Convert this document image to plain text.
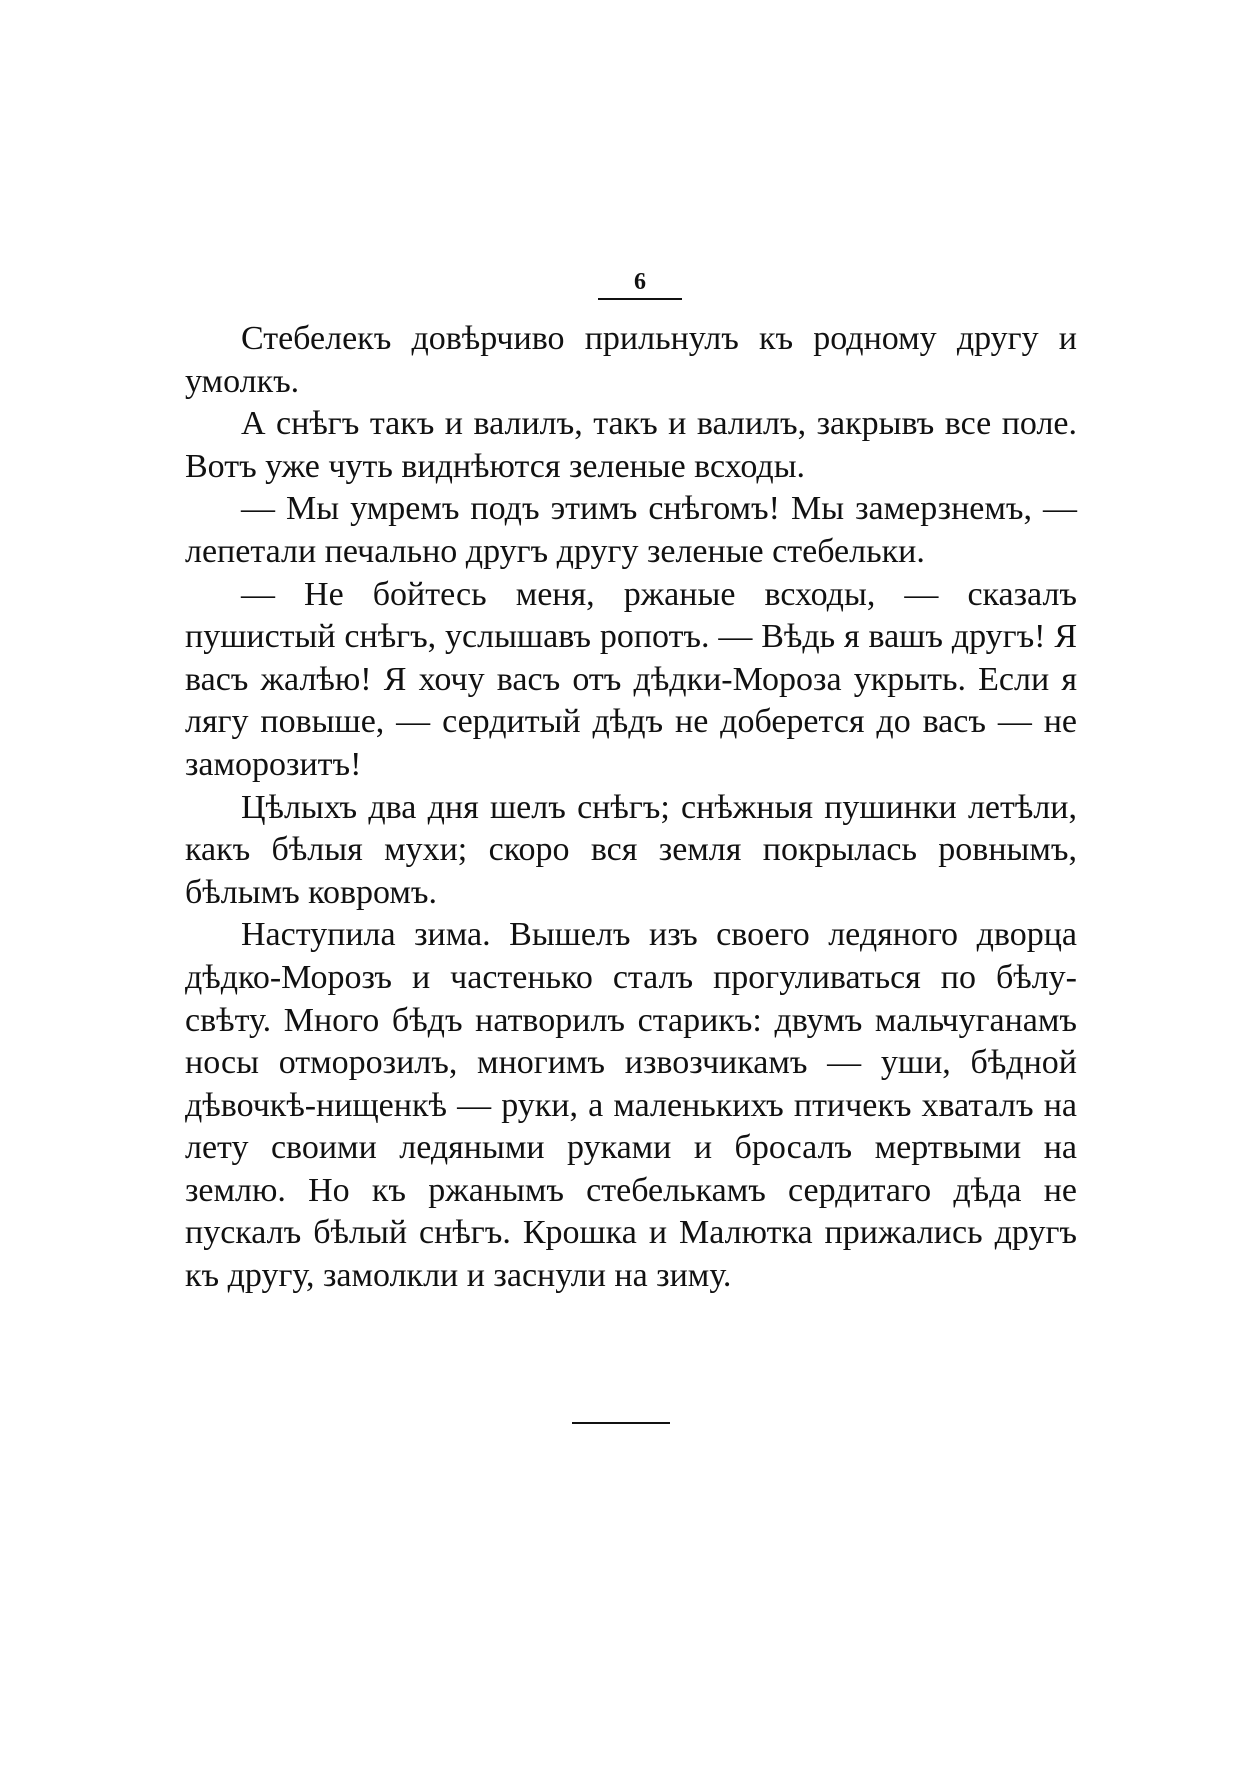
6

Стебелекъ довѣрчиво прильнулъ къ родному другу и умолкъ.

А снѣгъ такъ и валилъ, такъ и валилъ, закрывъ все поле. Вотъ уже чуть виднѣются зеленые всходы.

— Мы умремъ подъ этимъ снѣгомъ! Мы замерзнемъ, — лепетали печально другъ другу зеленые стебельки.

— Не бойтесь меня, ржаные всходы, — сказалъ пушистый снѣгъ, услышавъ ропотъ. — Вѣдь я вашъ другъ! Я васъ жалѣю! Я хочу васъ отъ дѣдки-Мороза укрыть. Если я лягу повыше, — сердитый дѣдъ не доберется до васъ — не заморозитъ!

Цѣлыхъ два дня шелъ снѣгъ; снѣжныя пушинки летѣли, какъ бѣлыя мухи; скоро вся земля покрылась ровнымъ, бѣлымъ ковромъ.

Наступила зима. Вышелъ изъ своего ледяного дворца дѣдко-Морозъ и частенько сталъ прогуливаться по бѣлу-свѣту. Много бѣдъ натворилъ старикъ: двумъ мальчуганамъ носы отморозилъ, многимъ извозчикамъ — уши, бѣдной дѣвочкѣ-нищенкѣ — руки, а маленькихъ птичекъ хваталъ на лету своими ледяными руками и бросалъ мертвыми на землю. Но къ ржанымъ стебелькамъ сердитаго дѣда не пускалъ бѣлый снѣгъ. Крошка и Малютка прижались другъ къ другу, замолкли и заснули на зиму.
